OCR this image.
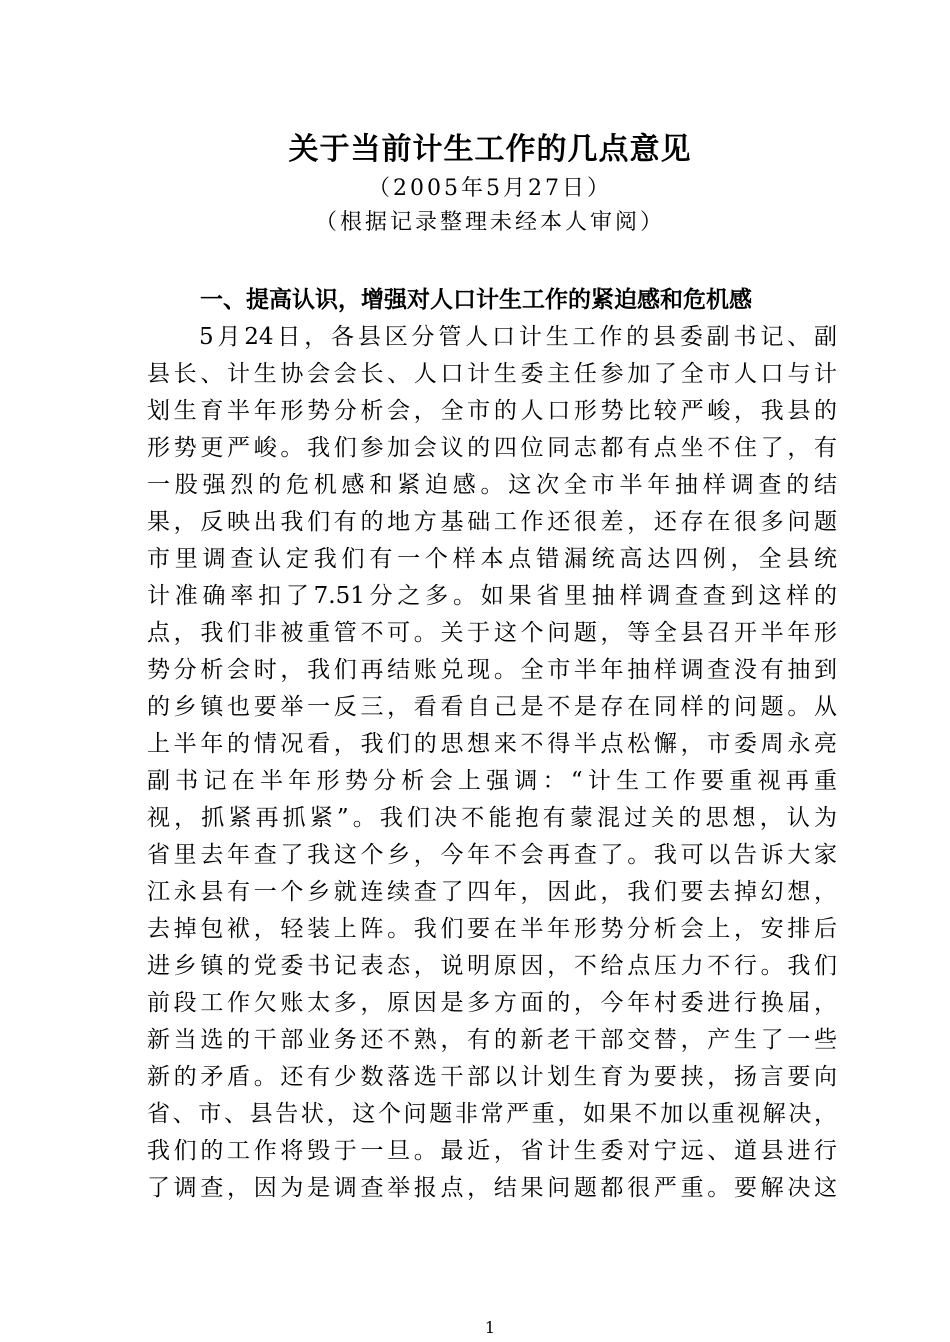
关于当前计生工作的几点意见
（2005年5月27日）
（根据记录整理未经本人审阅）
一、提高认识，增强对人口计生工作的紧迫感和危机感
5月24日，各县区分管人口计生工作的县委副书记、副
县长、计生协会会长、人口计生委主任参加了全市人口与计
划生育半年形势分析会，全市的人口形势比较严峻，我县的
形势更严峻。我们参加会议的四位同志都有点坐不住了，有
一股强烈的危机感和紧迫感。这次全市半年抽样调查的结
果，反映出我们有的地方基础工作还很差，还存在很多问题
市里调查认定我们有一个样本点错漏统高达四例，全县统
计准确率扣了7.51分之多。如果省里抽样调查查到这样的
点，我们非被重管不可。关于这个问题，等全县召开半年形
势分析会时，我们再结账兑现。全市半年抽样调查没有抽到
的乡镇也要举一反三，看看自己是不是存在同样的问题。从
上半年的情况看，我们的思想来不得半点松懈，市委周永亮
副书记在半年形势分析会上强调：“计生工作要重视再重
视，抓紧再抓紧”。我们决不能抱有蒙混过关的思想，认为
省里去年查了我这个乡，今年不会再查了。我可以告诉大家
江永县有一个乡就连续查了四年，因此，我们要去掉幻想，
去掉包袱，轻装上阵。我们要在半年形势分析会上，安排后
进乡镇的党委书记表态，说明原因，不给点压力不行。我们
前段工作欠账太多，原因是多方面的，今年村委进行换届，
新当选的干部业务还不熟，有的新老干部交替，产生了一些
新的矛盾。还有少数落选干部以计划生育为要挟，扬言要向
省、市、县告状，这个问题非常严重，如果不加以重视解决，
我们的工作将毁于一旦。最近，省计生委对宁远、道县进行
了调查，因为是调查举报点，结果问题都很严重。要解决这
1
